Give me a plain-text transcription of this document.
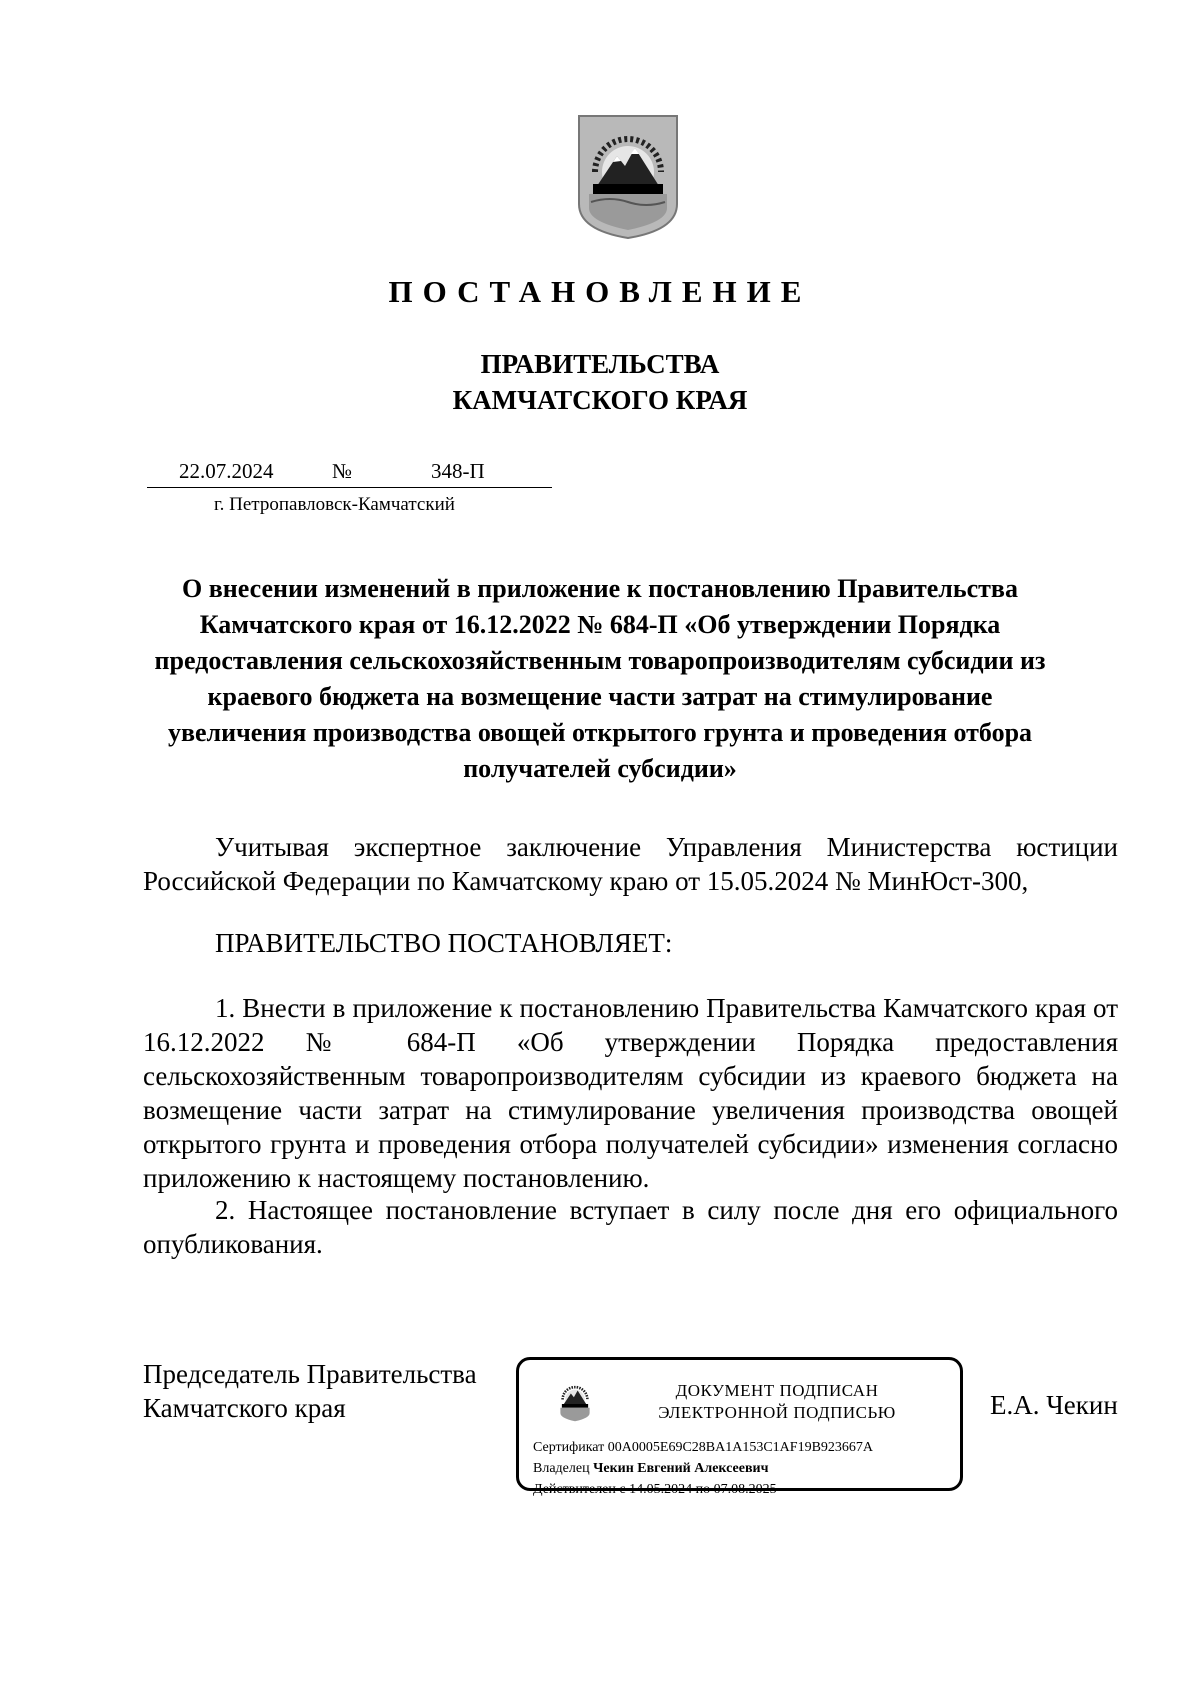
ПОСТАНОВЛЕНИЕ
ПРАВИТЕЛЬСТВА
КАМЧАТСКОГО КРАЯ
22.07.2024	№	348-П
г. Петропавловск-Камчатский
О внесении изменений в приложение к постановлению Правительства Камчатского края от 16.12.2022 № 684-П «Об утверждении Порядка предоставления сельскохозяйственным товаропроизводителям субсидии из краевого бюджета на возмещение части затрат на стимулирование увеличения производства овощей открытого грунта и проведения отбора получателей субсидии»
Учитывая экспертное заключение Управления Министерства юстиции Российской Федерации по Камчатскому краю от 15.05.2024 № МинЮст-300,
ПРАВИТЕЛЬСТВО ПОСТАНОВЛЯЕТ:
1. Внести в приложение к постановлению Правительства Камчатского края от 16.12.2022 № 684-П «Об утверждении Порядка предоставления сельскохозяйственным товаропроизводителям субсидии из краевого бюджета на возмещение части затрат на стимулирование увеличения производства овощей открытого грунта и проведения отбора получателей субсидии» изменения согласно приложению к настоящему постановлению.
2. Настоящее постановление вступает в силу после дня его официального опубликования.
Председатель Правительства
Камчатского края
ДОКУМЕНТ ПОДПИСАН
ЭЛЕКТРОННОЙ ПОДПИСЬЮ
Сертификат 00A0005E69C28BA1A153C1AF19B923667A
Владелец Чекин Евгений Алексеевич
Действителен с 14.05.2024 по 07.08.2025
Е.А. Чекин
